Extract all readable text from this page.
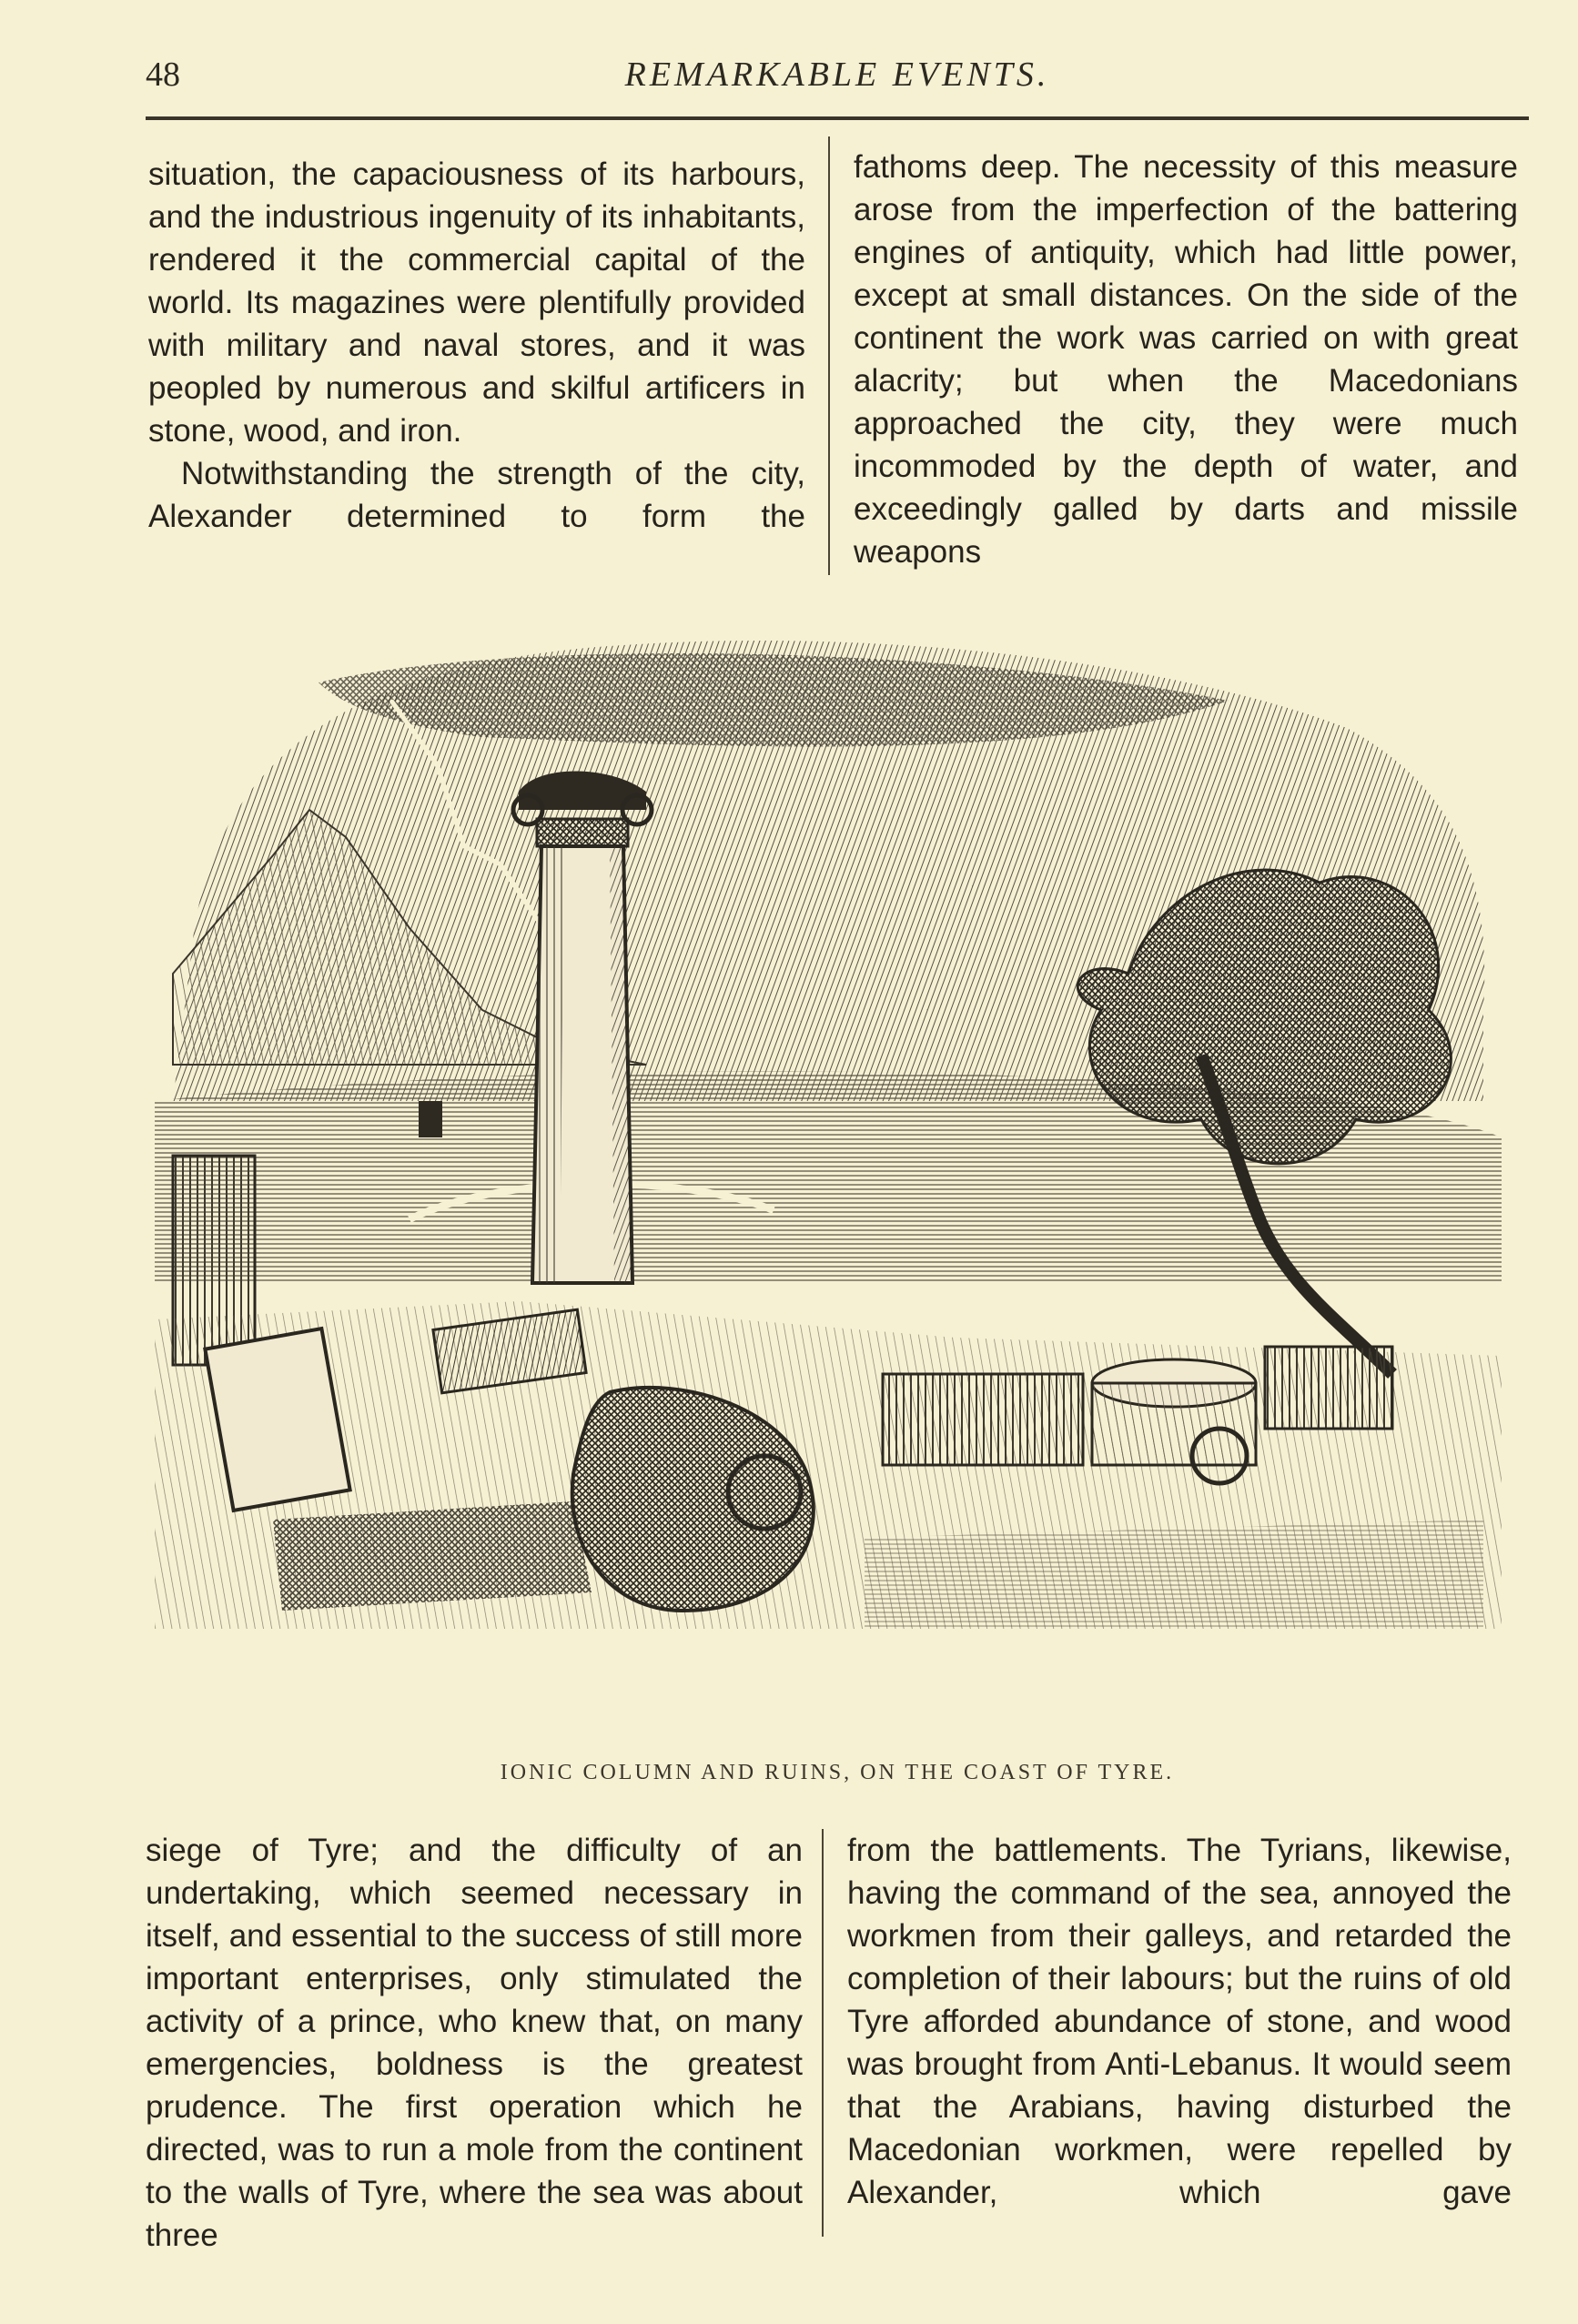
48	REMARKABLE EVENTS.

situation, the capaciousness of its harbours, and the industrious ingenuity of its inhabitants, rendered it the commercial capital of the world. Its magazines were plentifully provided with military and naval stores, and it was peopled by numerous and skilful artificers in stone, wood, and iron.

Notwithstanding the strength of the city, Alexander determined to form the

fathoms deep. The necessity of this measure arose from the imperfection of the battering engines of antiquity, which had little power, except at small distances. On the side of the continent the work was carried on with great alacrity; but when the Macedonians approached the city, they were much incommoded by the depth of water, and exceedingly galled by darts and missile weapons

IONIC COLUMN AND RUINS, ON THE COAST OF TYRE.

siege of Tyre; and the difficulty of an undertaking, which seemed necessary in itself, and essential to the success of still more important enterprises, only stimulated the activity of a prince, who knew that, on many emergencies, boldness is the greatest prudence. The first operation which he directed, was to run a mole from the continent to the walls of Tyre, where the sea was about three

from the battlements. The Tyrians, likewise, having the command of the sea, annoyed the workmen from their galleys, and retarded the completion of their labours; but the ruins of old Tyre afforded abundance of stone, and wood was brought from Anti-Lebanus. It would seem that the Arabians, having disturbed the Macedonian workmen, were repelled by Alexander, which gave
